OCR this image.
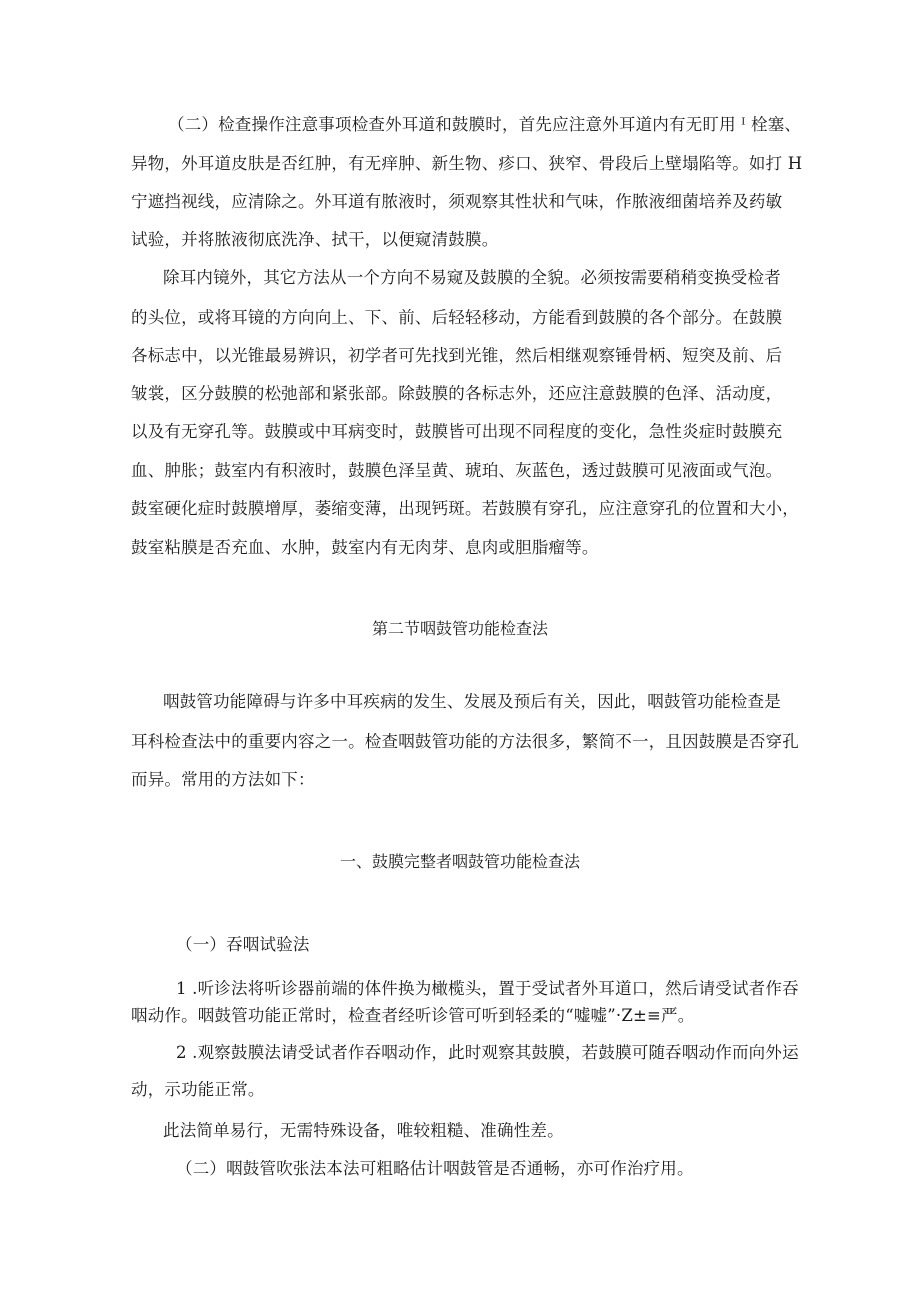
（二）检查操作注意事项检查外耳道和鼓膜时，首先应注意外耳道内有无盯用 ᴵ 栓塞、
异物，外耳道皮肤是否红肿，有无痒肿、新生物、疹口、狭窄、骨段后上壁塌陷等。如打 H
宁遮挡视线，应清除之。外耳道有脓液时，须观察其性状和气味，作脓液细菌培养及药敏
试验，并将脓液彻底洗净、拭干，以便窥清鼓膜。
除耳内镜外，其它方法从一个方向不易窥及鼓膜的全貌。必须按需要稍稍变换受检者
的头位，或将耳镜的方向向上、下、前、后轻轻移动，方能看到鼓膜的各个部分。在鼓膜
各标志中，以光锥最易辨识，初学者可先找到光锥，然后相继观察锤骨柄、短突及前、后
皱裳，区分鼓膜的松弛部和紧张部。除鼓膜的各标志外，还应注意鼓膜的色泽、活动度，
以及有无穿孔等。鼓膜或中耳病变时，鼓膜皆可出现不同程度的变化，急性炎症时鼓膜充
血、肿胀；鼓室内有积液时，鼓膜色泽呈黄、琥珀、灰蓝色，透过鼓膜可见液面或气泡。
鼓室硬化症时鼓膜增厚，萎缩变薄，出现钙斑。若鼓膜有穿孔，应注意穿孔的位置和大小，
鼓室粘膜是否充血、水肿，鼓室内有无肉芽、息肉或胆脂瘤等。
第二节咽鼓管功能检查法
咽鼓管功能障碍与许多中耳疾病的发生、发展及预后有关，因此，咽鼓管功能检查是
耳科检查法中的重要内容之一。检查咽鼓管功能的方法很多，繁简不一，且因鼓膜是否穿孔
而异。常用的方法如下：
一、鼓膜完整者咽鼓管功能检查法
（一）吞咽试验法
1 .听诊法将听诊器前端的体件换为橄榄头，置于受试者外耳道口，然后请受试者作吞
咽动作。咽鼓管功能正常时，检查者经听诊管可听到轻柔的“嘘嘘”·Z±≡严。
2 .观察鼓膜法请受试者作吞咽动作，此时观察其鼓膜，若鼓膜可随吞咽动作而向外运
动，示功能正常。
此法简单易行，无需特殊设备，唯较粗糙、准确性差。
（二）咽鼓管吹张法本法可粗略估计咽鼓管是否通畅，亦可作治疗用。
